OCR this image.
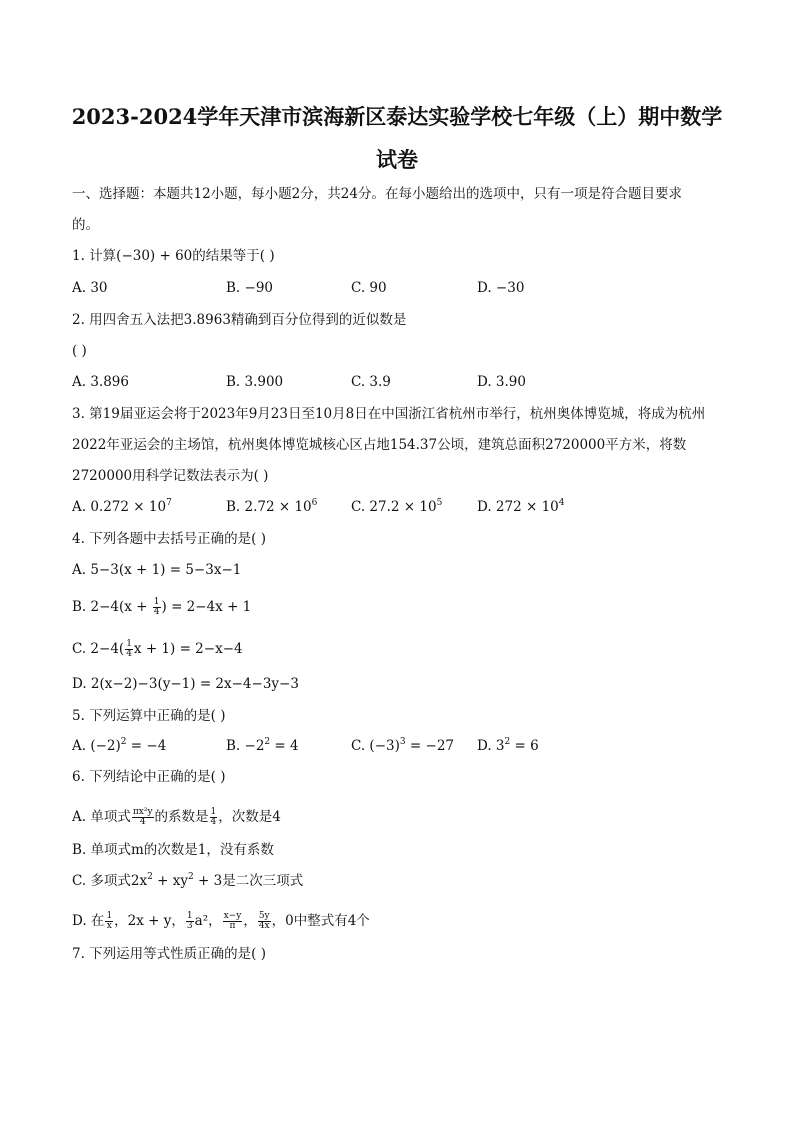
2023-2024学年天津市滨海新区泰达实验学校七年级（上）期中数学
试卷
一、选择题：本题共12小题，每小题2分，共24分。在每小题给出的选项中，只有一项是符合题目要求
的。
1. 计算(−30) + 60的结果等于( )
A. 30	B. −90	C. 90	D. −30
2. 用四舍五入法把3.8963精确到百分位得到的近似数是
( )
A. 3.896	B. 3.900	C. 3.9	D. 3.90
3. 第19届亚运会将于2023年9月23日至10月8日在中国浙江省杭州市举行，杭州奥体博览城，将成为杭州
2022年亚运会的主场馆，杭州奥体博览城核心区占地154.37公顷，建筑总面积2720000平方米，将数
2720000用科学记数法表示为( )
A. $0.272 \times 10^7$	B. $2.72 \times 10^6$ C. $27.2 \times 10^5$	D. $272 \times 10^4$
4. 下列各题中去括号正确的是( )
A. 5−3(x + 1) = 5−3x−1
B. $2-4(x + \frac{1}{4}$ ) = 2−4x + 1
C. $2-4( \frac{1}{4}$ x + 1) = 2−x−4
D. 2(x−2)−3(y−1) = 2x−4−3y−3
5. 下列运算中正确的是( )
A. $(-2)^2 = -4$	B. $-2^2 = 4$	C. $(-3)^3 = -27$ D. $3^2 = 6$
6. 下列结论中正确的是( )
A. 单项式 $\frac{\text{πx²y}}{4}$ 的系数是 $\frac{1}{4}$ ，次数是4
B. 单项式m的次数是1，没有系数
C. 多项式$2x^2 + xy^2 + 3$是二次三项式
D. 在 $\frac{1}{x}$ ，2x + y， $\frac{1}{3} a^2$， $\frac{x-y}{\pi}$ ， $\frac{5y}{4x}$ ，0中整式有4个
7. 下列运用等式性质正确的是( )
